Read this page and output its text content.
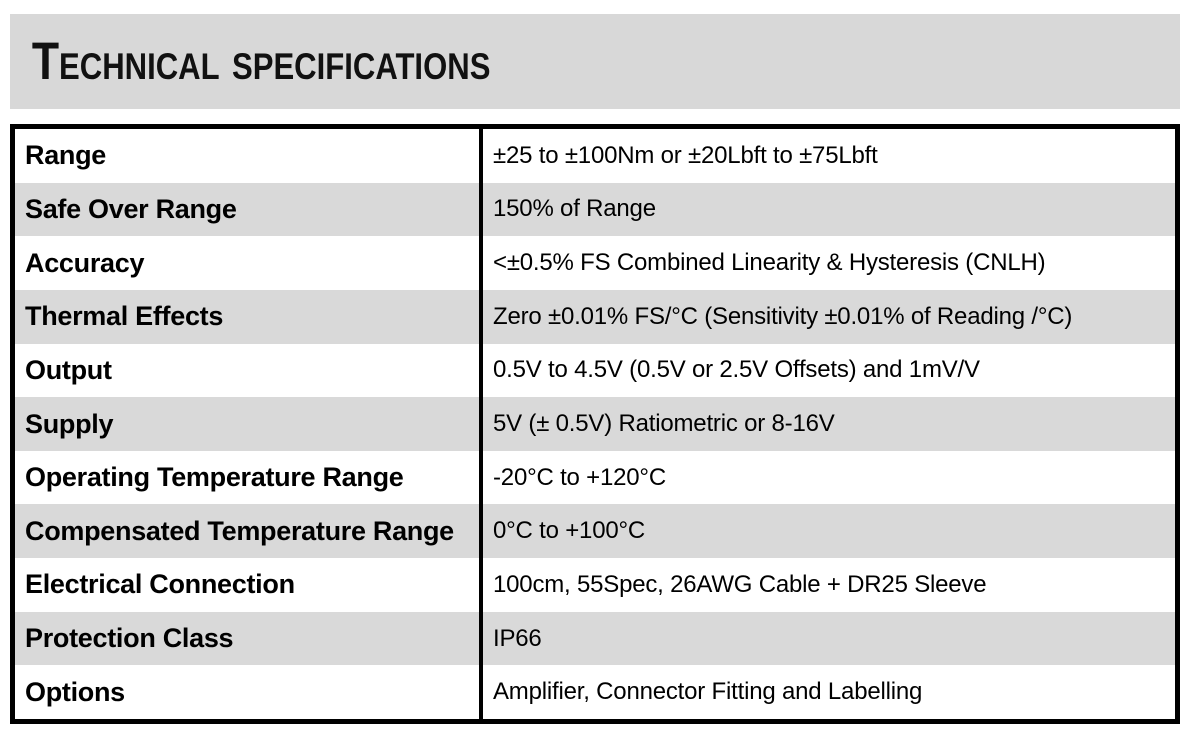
Technical specifications
Range	±25 to ±100Nm or ±20Lbft to ±75Lbft
Safe Over Range	150% of Range
Accuracy	<±0.5% FS Combined Linearity & Hysteresis (CNLH)
Thermal Effects	Zero ±0.01% FS/°C (Sensitivity ±0.01% of Reading /°C)
Output	0.5V to 4.5V (0.5V or 2.5V Offsets) and 1mV/V
Supply	5V (± 0.5V) Ratiometric or 8-16V
Operating Temperature Range	-20°C to +120°C
Compensated Temperature Range	0°C to +100°C
Electrical Connection	100cm, 55Spec, 26AWG Cable + DR25 Sleeve
Protection Class	IP66
Options	Amplifier, Connector Fitting and Labelling
